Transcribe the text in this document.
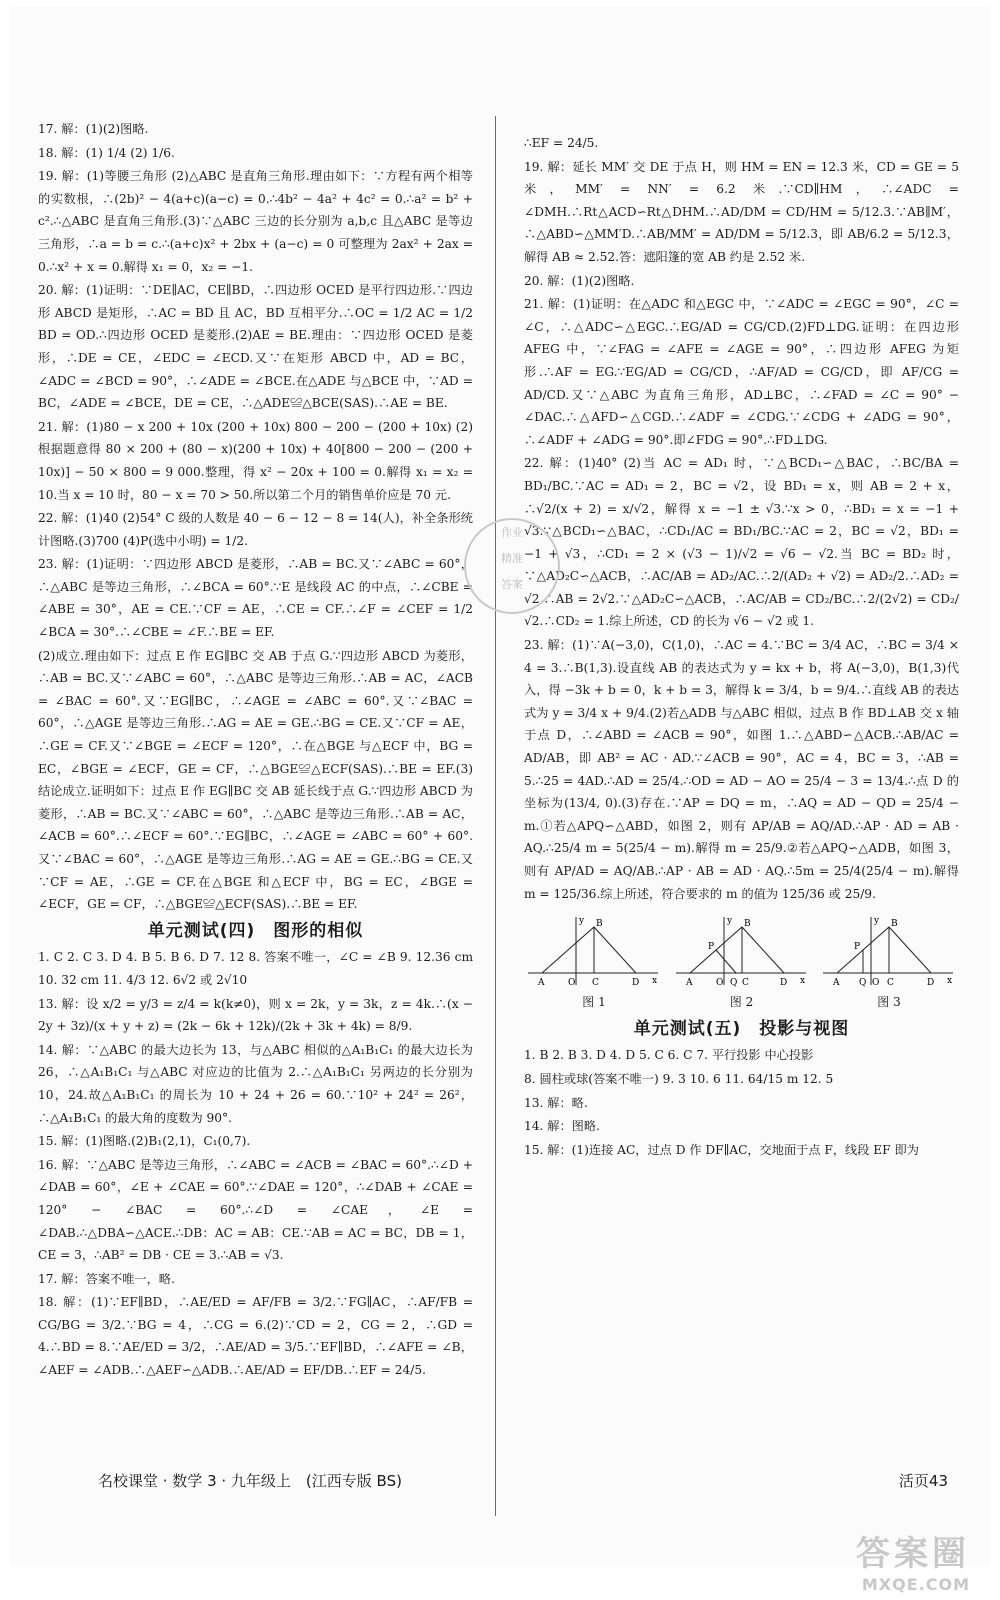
17. 解：(1)(2)图略.

18. 解：(1) 1/4 (2) 1/6.

19. 解：(1)等腰三角形 (2)△ABC 是直角三角形.理由如下：∵方程有两个相等的实数根，∴(2b)² − 4(a+c)(a−c) = 0.∴4b² − 4a² + 4c² = 0.∴a² = b² + c².∴△ABC 是直角三角形.(3)∵△ABC 三边的长分别为 a,b,c 且△ABC 是等边三角形，∴a = b = c.∴(a+c)x² + 2bx + (a−c) = 0 可整理为 2ax² + 2ax = 0.∴x² + x = 0.解得 x₁ = 0，x₂ = −1.

20. 解：(1)证明：∵DE∥AC，CE∥BD，∴四边形 OCED 是平行四边形.∵四边形 ABCD 是矩形，∴AC = BD 且 AC，BD 互相平分.∴OC = 1/2 AC = 1/2 BD = OD.∴四边形 OCED 是菱形.(2)AE = BE.理由：∵四边形 OCED 是菱形，∴DE = CE，∠EDC = ∠ECD.又∵在矩形 ABCD 中，AD = BC，∠ADC = ∠BCD = 90°，∴∠ADE = ∠BCE.在△ADE 与△BCE 中，∵AD = BC，∠ADE = ∠BCE，DE = CE，∴△ADE≌△BCE(SAS).∴AE = BE.

21. 解：(1)80 − x 200 + 10x (200 + 10x) 800 − 200 − (200 + 10x) (2)根据题意得 80 × 200 + (80 − x)(200 + 10x) + 40[800 − 200 − (200 + 10x)] − 50 × 800 = 9 000.整理，得 x² − 20x + 100 = 0.解得 x₁ = x₂ = 10.当 x = 10 时，80 − x = 70 > 50.所以第二个月的销售单价应是 70 元.

22. 解：(1)40 (2)54° C 级的人数是 40 − 6 − 12 − 8 = 14(人)，补全条形统计图略.(3)700 (4)P(选中小明) = 1/2.

23. 解：(1)证明：∵四边形 ABCD 是菱形，∴AB = BC.又∵∠ABC = 60°，∴△ABC 是等边三角形，∴∠BCA = 60°.∵E 是线段 AC 的中点，∴∠CBE = ∠ABE = 30°，AE = CE.∵CF = AE，∴CE = CF.∴∠F = ∠CEF = 1/2 ∠BCA = 30°.∴∠CBE = ∠F.∴BE = EF.

(2)成立.理由如下：过点 E 作 EG∥BC 交 AB 于点 G.∵四边形 ABCD 为菱形，∴AB = BC.又∵∠ABC = 60°，∴△ABC 是等边三角形.∴AB = AC，∠ACB = ∠BAC = 60°.又∵EG∥BC，∴∠AGE = ∠ABC = 60°.又∵∠BAC = 60°，∴△AGE 是等边三角形.∴AG = AE = GE.∴BG = CE.又∵CF = AE，∴GE = CF.又∵∠BGE = ∠ECF = 120°，∴在△BGE 与△ECF 中，BG = EC，∠BGE = ∠ECF，GE = CF，∴△BGE≌△ECF(SAS).∴BE = EF.(3)结论成立.证明如下：过点 E 作 EG∥BC 交 AB 延长线于点 G.∵四边形 ABCD 为菱形，∴AB = BC.又∵∠ABC = 60°，∴△ABC 是等边三角形.∴AB = AC，∠ACB = 60°.∴∠ECF = 60°.∵EG∥BC，∴∠AGE = ∠ABC = 60° + 60°.又∵∠BAC = 60°，∴△AGE 是等边三角形.∴AG = AE = GE.∴BG = CE.又∵CF = AE，∴GE = CF.在△BGE 和△ECF 中，BG = EC，∠BGE = ∠ECF，GE = CF，∴△BGE≌△ECF(SAS).∴BE = EF.

单元测试(四)　图形的相似

1. C 2. C 3. D 4. B 5. B 6. D 7. 12 8. 答案不唯一，∠C = ∠B 9. 12.36 cm 10. 32 cm 11. 4/3 12. 6√2 或 2√10

13. 解：设 x/2 = y/3 = z/4 = k(k≠0)，则 x = 2k，y = 3k，z = 4k.∴(x − 2y + 3z)/(x + y + z) = (2k − 6k + 12k)/(2k + 3k + 4k) = 8/9.

14. 解：∵△ABC 的最大边长为 13，与△ABC 相似的△A₁B₁C₁ 的最大边长为 26，∴△A₁B₁C₁ 与△ABC 对应边的比值为 2.∴△A₁B₁C₁ 另两边的长分别为 10，24.故△A₁B₁C₁ 的周长为 10 + 24 + 26 = 60.∵10² + 24² = 26²，∴△A₁B₁C₁ 的最大角的度数为 90°.

15. 解：(1)图略.(2)B₁(2,1)，C₁(0,7).

16. 解：∵△ABC 是等边三角形，∴∠ABC = ∠ACB = ∠BAC = 60°.∴∠D + ∠DAB = 60°，∠E + ∠CAE = 60°.∵∠DAE = 120°，∴∠DAB + ∠CAE = 120° − ∠BAC = 60°.∴∠D = ∠CAE，∠E = ∠DAB.∴△DBA∽△ACE.∴DB：AC = AB：CE.∵AB = AC = BC，DB = 1，CE = 3，∴AB² = DB · CE = 3.∴AB = √3.

17. 解：答案不唯一，略.

18. 解：(1)∵EF∥BD，∴AE/ED = AF/FB = 3/2.∵FG∥AC，∴AF/FB = CG/BG = 3/2.∵BG = 4，∴CG = 6.(2)∵CD = 2，CG = 2，∴GD = 4.∴BD = 8.∵AE/ED = 3/2，∴AE/AD = 3/5.∵EF∥BD，∴∠AFE = ∠B，∠AEF = ∠ADB.∴△AEF∽△ADB.∴AE/AD = EF/DB.∴EF = 24/5.

∴EF = 24/5.

19. 解：延长 MM′ 交 DE 于点 H，则 HM = EN = 12.3 米，CD = GE = 5 米，MM′ = NN′ = 6.2 米.∵CD∥HM，∴∠ADC = ∠DMH.∴Rt△ACD∽Rt△DHM.∴AD/DM = CD/HM = 5/12.3.∵AB∥M′，∴△ABD∽△MM′D.∴AB/MM′ = AD/DM = 5/12.3，即 AB/6.2 = 5/12.3，解得 AB ≈ 2.52.答：遮阳篷的宽 AB 约是 2.52 米.

20. 解：(1)(2)图略.

21. 解：(1)证明：在△ADC 和△EGC 中，∵∠ADC = ∠EGC = 90°，∠C = ∠C，∴△ADC∽△EGC.∴EG/AD = CG/CD.(2)FD⊥DG.证明：在四边形 AFEG 中，∵∠FAG = ∠AFE = ∠AGE = 90°，∴四边形 AFEG 为矩形.∴AF = EG.∵EG/AD = CG/CD，∴AF/AD = CG/CD，即 AF/CG = AD/CD.又∵△ABC 为直角三角形，AD⊥BC，∴∠FAD = ∠C = 90° − ∠DAC.∴△AFD∽△CGD.∴∠ADF = ∠CDG.∵∠CDG + ∠ADG = 90°，∴∠ADF + ∠ADG = 90°.即∠FDG = 90°.∴FD⊥DG.

22. 解：(1)40° (2)当 AC = AD₁ 时，∵△BCD₁∽△BAC，∴BC/BA = BD₁/BC.∵AC = AD₁ = 2，BC = √2，设 BD₁ = x，则 AB = 2 + x，∴√2/(x + 2) = x/√2，解得 x = −1 ± √3.∵x > 0，∴BD₁ = x = −1 + √3.∵△BCD₁∽△BAC，∴CD₁/AC = BD₁/BC.∵AC = 2，BC = √2，BD₁ = −1 + √3，∴CD₁ = 2 × (√3 − 1)/√2 = √6 − √2.当 BC = BD₂ 时，∵△AD₂C∽△ACB，∴AC/AB = AD₂/AC.∴2/(AD₂ + √2) = AD₂/2.∴AD₂ = √2.∴AB = 2√2.∵△AD₂C∽△ACB，∴AC/AB = CD₂/BC.∴2/(2√2) = CD₂/√2.∴CD₂ = 1.综上所述，CD 的长为 √6 − √2 或 1.

23. 解：(1)∵A(−3,0)，C(1,0)，∴AC = 4.∵BC = 3/4 AC，∴BC = 3/4 × 4 = 3.∴B(1,3).设直线 AB 的表达式为 y = kx + b，将 A(−3,0)，B(1,3)代入，得 −3k + b = 0，k + b = 3，解得 k = 3/4，b = 9/4.∴直线 AB 的表达式为 y = 3/4 x + 9/4.(2)若△ADB 与△ABC 相似，过点 B 作 BD⊥AB 交 x 轴于点 D，∴∠ABD = ∠ACB = 90°，如图 1.∴△ABD∽△ACB.∴AB/AC = AD/AB，即 AB² = AC · AD.∵∠ACB = 90°，AC = 4，BC = 3，∴AB = 5.∴25 = 4AD.∴AD = 25/4.∴OD = AD − AO = 25/4 − 3 = 13/4.∴点 D 的坐标为(13/4, 0).(3)存在.∵AP = DQ = m，∴AQ = AD − QD = 25/4 − m.①若△APQ∽△ABD，如图 2，则有 AP/AB = AQ/AD.∴AP · AD = AB · AQ.∴25/4 m = 5(25/4 − m).解得 m = 25/9.②若△APQ∽△ADB，如图 3，则有 AP/AD = AQ/AB.∴AP · AB = AD · AQ.∴5m = 25/4(25/4 − m).解得 m = 125/36.综上所述，符合要求的 m 的值为 125/36 或 25/9.

y B
A	O C	D x
图 1
y B
P
A	O Q C	D x
图 2
y B
P
A Q O C	D x
图 3
单元测试(五)　投影与视图

1. B 2. B 3. D 4. D 5. C 6. C 7. 平行投影 中心投影

8. 圆柱或球(答案不唯一) 9. 3 10. 6 11. 64/15 m 12. 5

13. 解：略.

14. 解：图略.

15. 解：(1)连接 AC，过点 D 作 DF∥AC，交地面于点 F，线段 EF 即为

作业
精准
答案
名校课堂 · 数学 3 · 九年级上　(江西专版 BS)	活页43
答案圈
MXQE.COM
